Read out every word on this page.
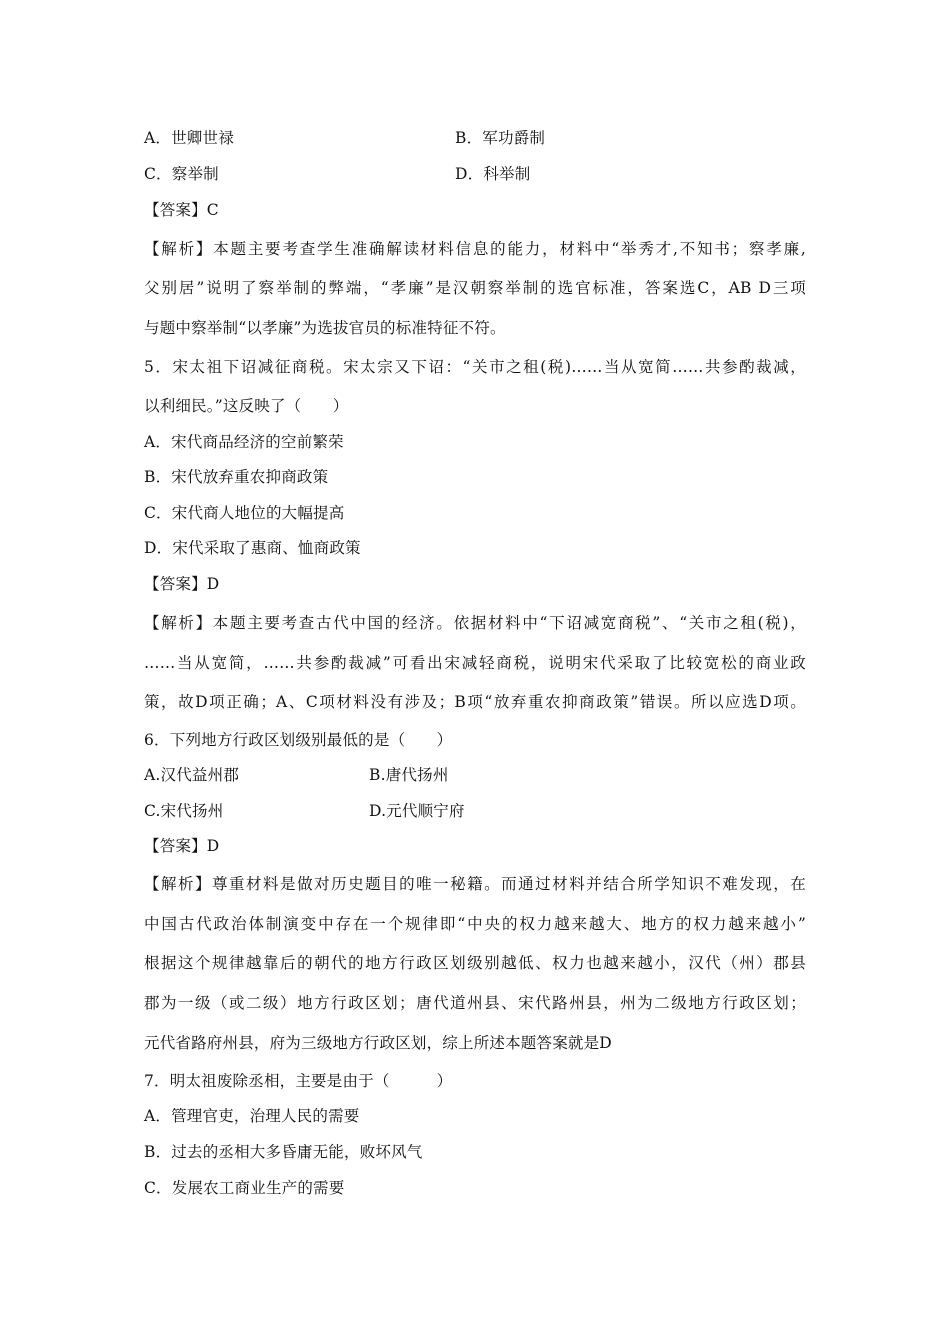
A．世卿世禄	B．军功爵制
C．察举制	D．科举制
【答案】C
【解析】本题主要考查学生准确解读材料信息的能力，材料中“举秀才,不知书；察孝廉,
父别居”说明了察举制的弊端，“孝廉”是汉朝察举制的选官标准，答案选C，AB D三项
与题中察举制“以孝廉”为选拔官员的标准特征不符。
5．宋太祖下诏减征商税。宋太宗又下诏：“关市之租(税)……当从宽简……共参酌裁减，
以利细民。”这反映了（　　）
A．宋代商品经济的空前繁荣
B．宋代放弃重农抑商政策
C．宋代商人地位的大幅提高
D．宋代采取了惠商、恤商政策
【答案】D
【解析】本题主要考查古代中国的经济。依据材料中“下诏减宽商税”、“关市之租(税)，
……当从宽简，……共参酌裁减”可看出宋减轻商税，说明宋代采取了比较宽松的商业政
策，故D项正确；A、C项材料没有涉及；B项“放弃重农抑商政策”错误。所以应选D项。
6．下列地方行政区划级别最低的是（　　）
A.汉代益州郡	B.唐代扬州
C.宋代扬州	D.元代顺宁府
【答案】D
【解析】尊重材料是做对历史题目的唯一秘籍。而通过材料并结合所学知识不难发现，在
中国古代政治体制演变中存在一个规律即“中央的权力越来越大、地方的权力越来越小”
根据这个规律越靠后的朝代的地方行政区划级别越低、权力也越来越小，汉代（州）郡县
郡为一级（或二级）地方行政区划；唐代道州县、宋代路州县，州为二级地方行政区划；
元代省路府州县，府为三级地方行政区划，综上所述本题答案就是D
7．明太祖废除丞相，主要是由于（　　　）
A．管理官吏，治理人民的需要
B．过去的丞相大多昏庸无能，败坏风气
C．发展农工商业生产的需要
